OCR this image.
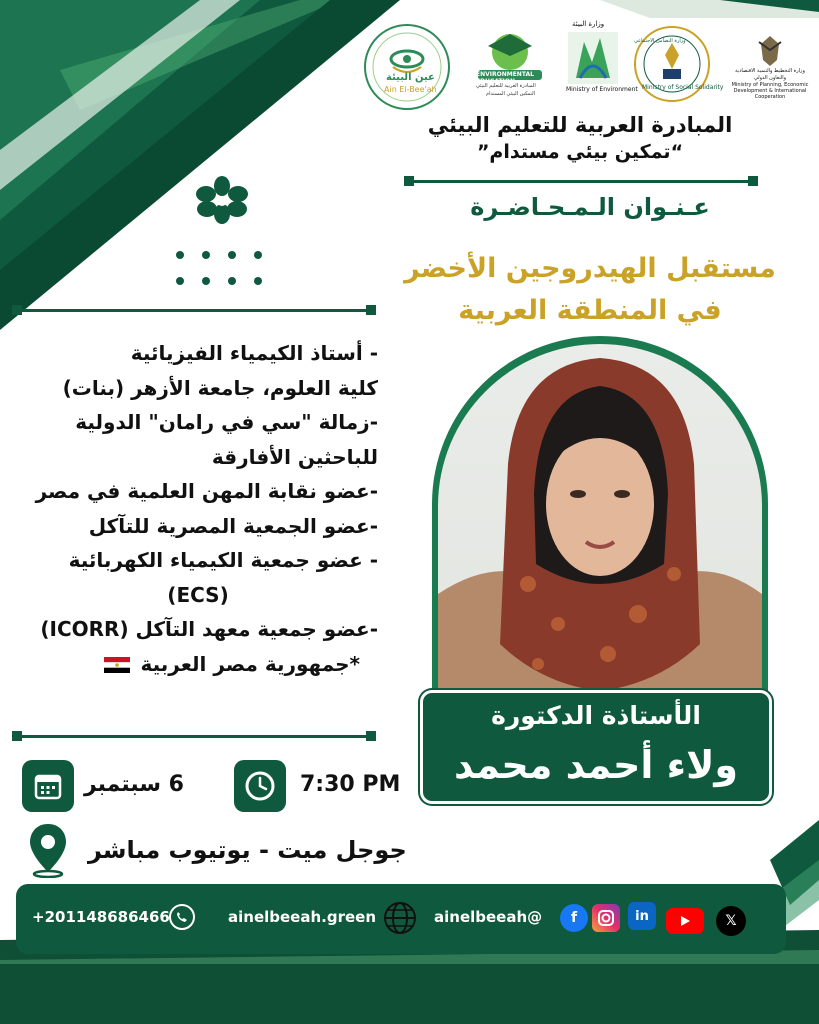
عين البيئة
Ain El-Bee'ah
ENVIRONMENTAL EDUCATION
المبادرة العربية للتعليم البيئي
التمكين البيئي المستدام
وزارة البيئة
Ministry of Environment
وزارة التضامن الاجتماعي
Ministry of Social Solidarity
وزارة التخطيط والتنمية الاقتصادية والتعاون الدولي
Ministry of Planning, Economic Development & International Cooperation
المبادرة العربية للتعليم البيئي
“تمكين بيئي مستدام”
عـنـوان الـمـحـاضـرة
مستقبل الهيدروجين الأخضر
في المنطقة العربية
- أستاذ الكيمياء الفيزيائية
كلية العلوم، جامعة الأزهر (بنات)
-زمالة "سي في رامان" الدولية
للباحثين الأفارقة
-عضو نقابة المهن العلمية في مصر
-عضو الجمعية المصرية للتآكل
- عضو جمعية الكيمياء الكهربائية
(ECS)
-عضو جمعية معهد التآكل (ICORR)
*جمهورية مصر العربية
الأستاذة الدكتورة
ولاء أحمد محمد
6 سبتمبر	7:30 PM
جوجل ميت - يوتيوب مباشر
+201148686466	ainelbeeah.green	ainelbeeah@	f	in	𝕏
